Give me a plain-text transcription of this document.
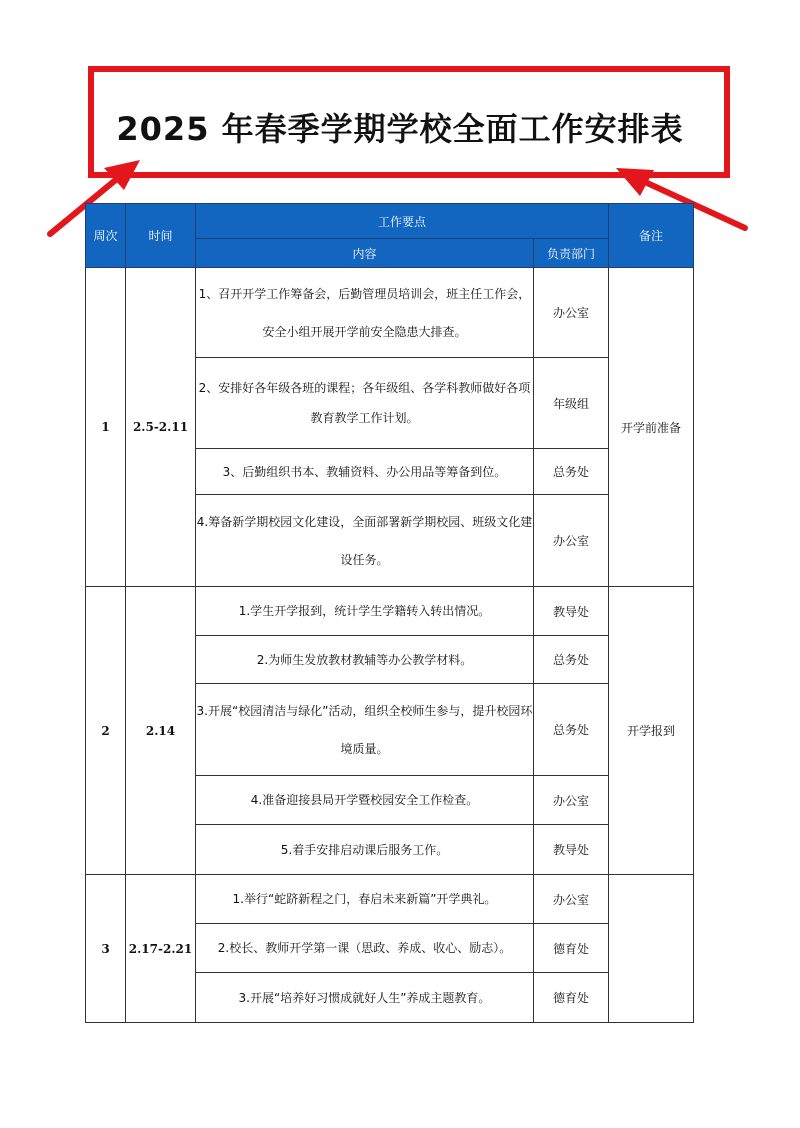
2025 年春季学期学校全面工作安排表
周次	时间	工作要点		备注
		内容	负责部门	
1	2.5-2.11	1、召开开学工作筹备会，后勤管理员培训会，班主任工作会，安全小组开展开学前安全隐患大排查。	办公室	开学前准备
		2、安排好各年级各班的课程；各年级组、各学科教师做好各项教育教学工作计划。	年级组	
		3、后勤组织书本、教辅资料、办公用品等筹备到位。	总务处	
		4.筹备新学期校园文化建设，全面部署新学期校园、班级文化建设任务。	办公室	
2	2.14	1.学生开学报到，统计学生学籍转入转出情况。	教导处	开学报到
		2.为师生发放教材教辅等办公教学材料。	总务处	
		3.开展“校园清洁与绿化”活动，组织全校师生参与，提升校园环境质量。	总务处	
		4.准备迎接县局开学暨校园安全工作检查。	办公室	
		5.着手安排启动课后服务工作。	教导处	
3	2.17-2.21	1.举行“蛇跻新程之门，春启未来新篇”开学典礼。	办公室	
		2.校长、教师开学第一课（思政、养成、收心、励志）。	德育处	
		3.开展“培养好习惯成就好人生”养成主题教育。	德育处	
